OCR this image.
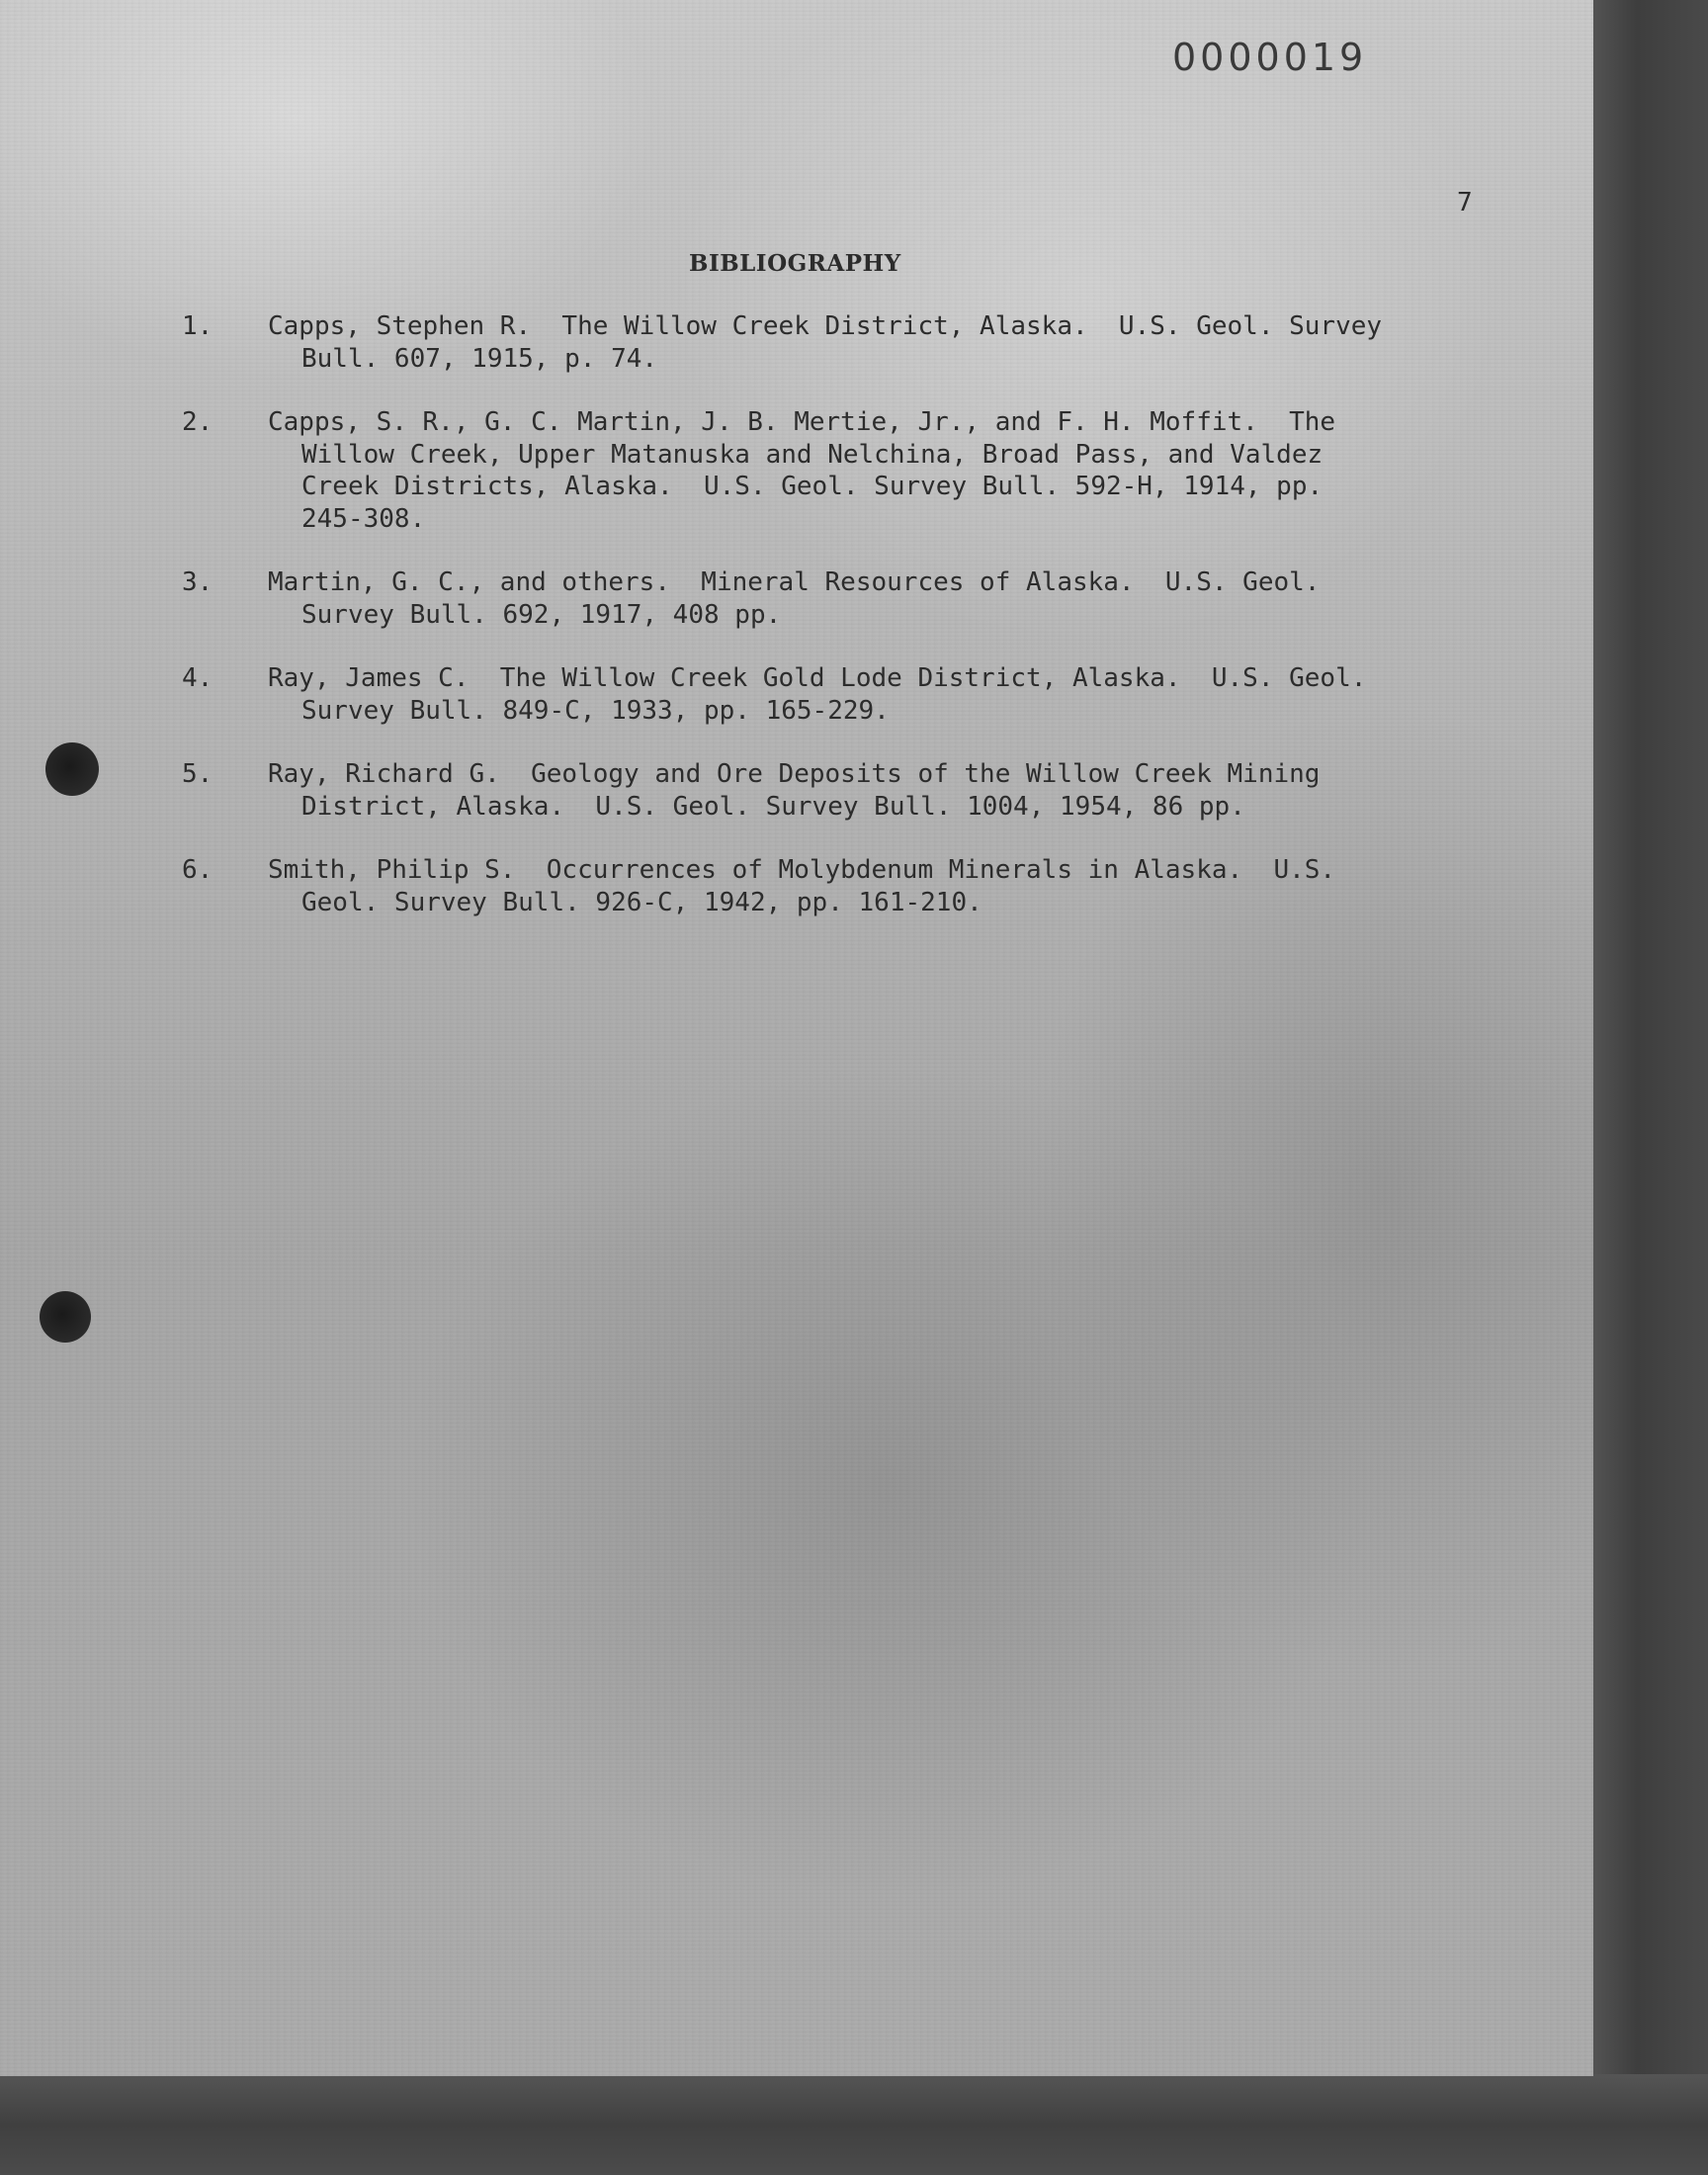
0000019
7
BIBLIOGRAPHY
1. Capps, Stephen R.  The Willow Creek District, Alaska.  U.S. Geol. Survey
Bull. 607, 1915, p. 74.
2. Capps, S. R., G. C. Martin, J. B. Mertie, Jr., and F. H. Moffit.  The
Willow Creek, Upper Matanuska and Nelchina, Broad Pass, and Valdez
Creek Districts, Alaska.  U.S. Geol. Survey Bull. 592-H, 1914, pp.
245-308.
3. Martin, G. C., and others.  Mineral Resources of Alaska.  U.S. Geol.
Survey Bull. 692, 1917, 408 pp.
4. Ray, James C.  The Willow Creek Gold Lode District, Alaska.  U.S. Geol.
Survey Bull. 849-C, 1933, pp. 165-229.
5. Ray, Richard G.  Geology and Ore Deposits of the Willow Creek Mining
District, Alaska.  U.S. Geol. Survey Bull. 1004, 1954, 86 pp.
6. Smith, Philip S.  Occurrences of Molybdenum Minerals in Alaska.  U.S.
Geol. Survey Bull. 926-C, 1942, pp. 161-210.
